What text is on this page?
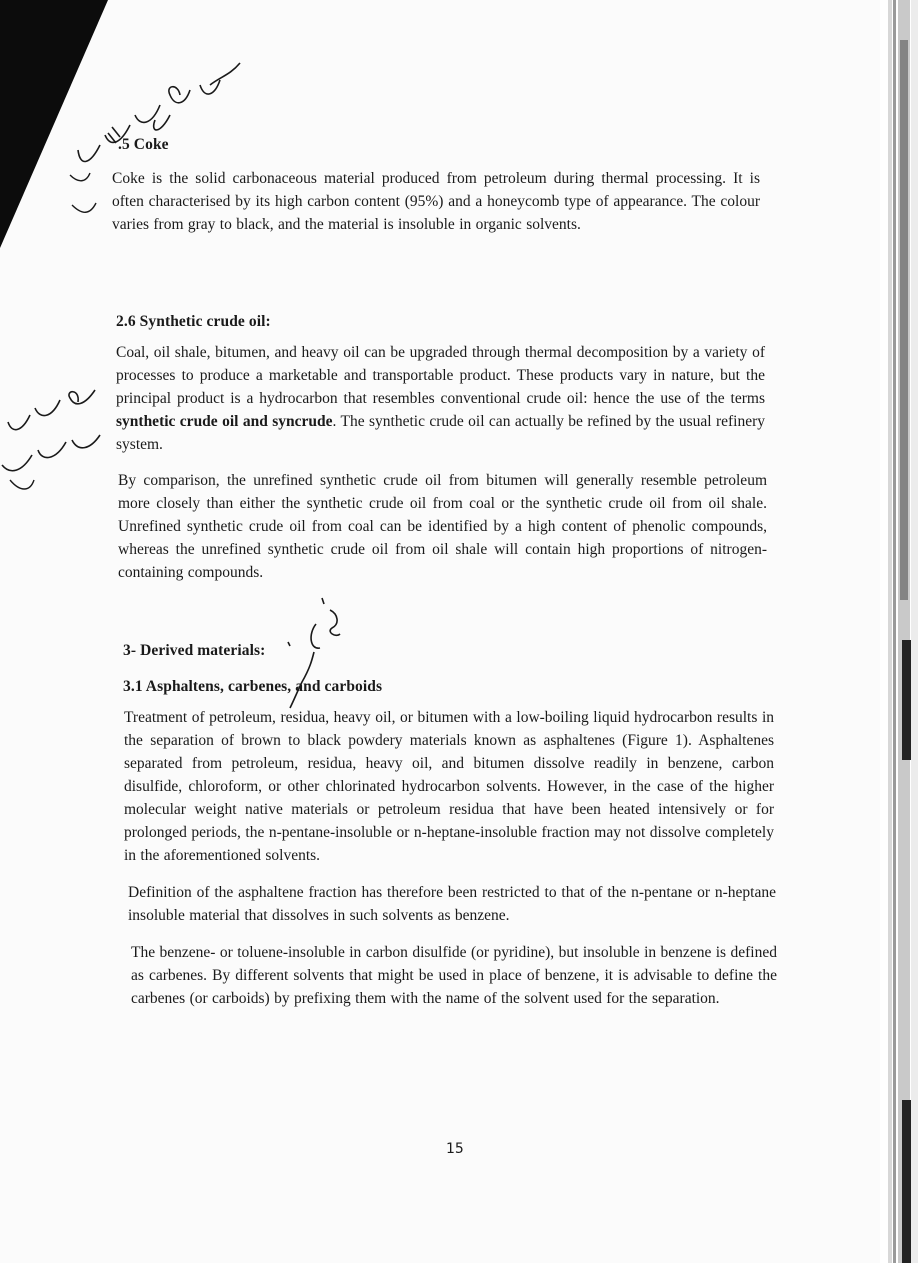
.5 Coke

Coke is the solid carbonaceous material produced from petroleum during thermal processing. It is often characterised by its high carbon content (95%) and a honeycomb type of appearance. The colour varies from gray to black, and the material is insoluble in organic solvents.

2.6 Synthetic crude oil:

Coal, oil shale, bitumen, and heavy oil can be upgraded through thermal decomposition by a variety of processes to produce a marketable and transportable product. These products vary in nature, but the principal product is a hydrocarbon that resembles conventional crude oil: hence the use of the terms synthetic crude oil and syncrude. The synthetic crude oil can actually be refined by the usual refinery system.

By comparison, the unrefined synthetic crude oil from bitumen will generally resemble petroleum more closely than either the synthetic crude oil from coal or the synthetic crude oil from oil shale. Unrefined synthetic crude oil from coal can be identified by a high content of phenolic compounds, whereas the unrefined synthetic crude oil from oil shale will contain high proportions of nitrogen-containing compounds.

3- Derived materials:
3.1 Asphaltens, carbenes, and carboids

Treatment of petroleum, residua, heavy oil, or bitumen with a low-boiling liquid hydrocarbon results in the separation of brown to black powdery materials known as asphaltenes (Figure 1). Asphaltenes separated from petroleum, residua, heavy oil, and bitumen dissolve readily in benzene, carbon disulfide, chloroform, or other chlorinated hydrocarbon solvents. However, in the case of the higher molecular weight native materials or petroleum residua that have been heated intensively or for prolonged periods, the n-pentane-insoluble or n-heptane-insoluble fraction may not dissolve completely in the aforementioned solvents.

Definition of the asphaltene fraction has therefore been restricted to that of the n-pentane or n-heptane insoluble material that dissolves in such solvents as benzene.

The benzene- or toluene-insoluble in carbon disulfide (or pyridine), but insoluble in benzene is defined as carbenes. By different solvents that might be used in place of benzene, it is advisable to define the carbenes (or carboids) by prefixing them with the name of the solvent used for the separation.

15
